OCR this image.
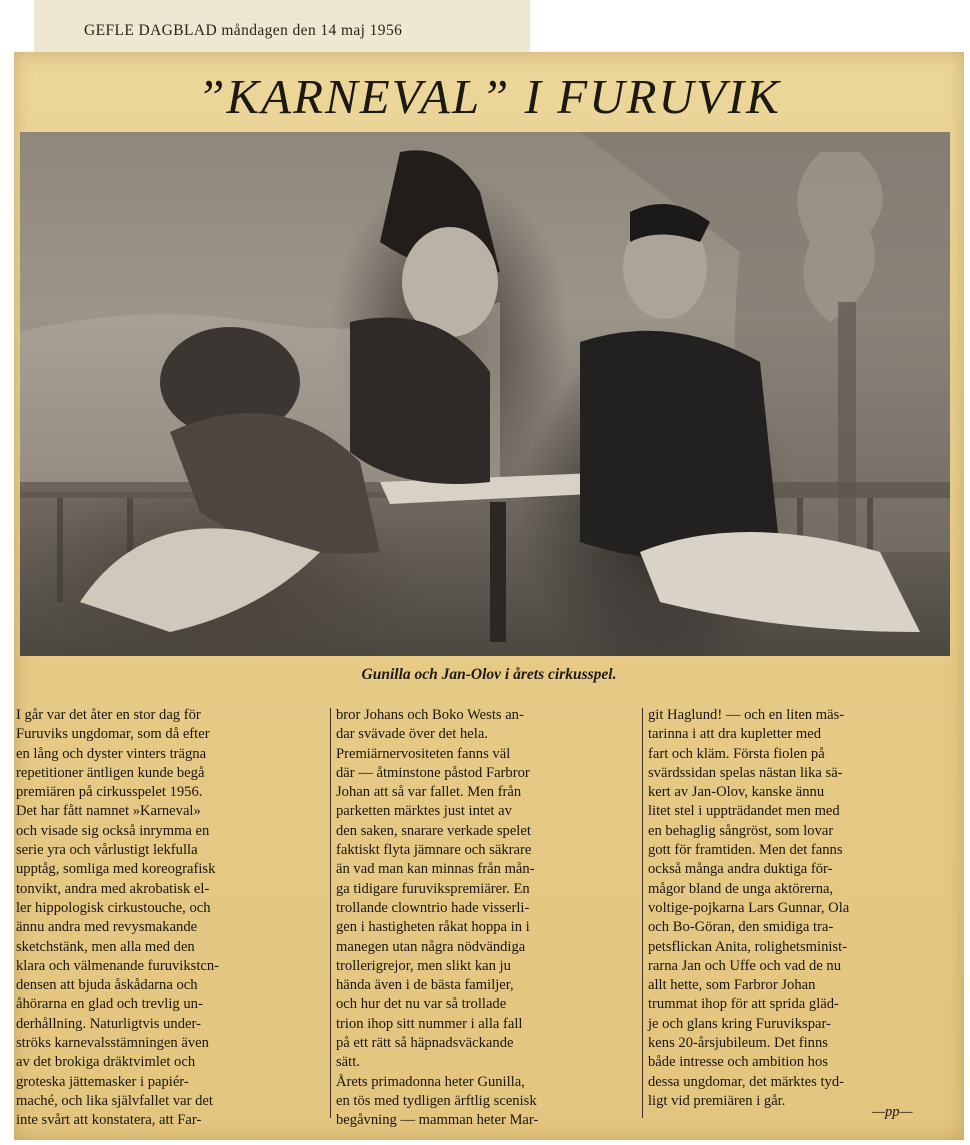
GEFLE DAGBLAD måndagen den 14 maj 1956
”KARNEVAL” I FURUVIK
Gunilla och Jan-Olov i årets cirkusspel.

I går var det åter en stor dag för

Furuviks ungdomar, som då efter

en lång och dyster vinters trägna

repetitioner äntligen kunde begå

premiären på cirkusspelet 1956.

Det har fått namnet »Karneval»

och visade sig också inrymma en

serie yra och vårlustigt lekfulla

upptåg, somliga med koreografisk

tonvikt, andra med akrobatisk el-

ler hippologisk cirkustouche, och

ännu andra med revysmakande

sketchstänk, men alla med den

klara och välmenande furuvikstcn-

densen att bjuda åskådarna och

åhörarna en glad och trevlig un-

derhållning. Naturligtvis under-

ströks karnevalsstämningen även

av det brokiga dräktvimlet och

groteska jättemasker i papiér-

maché, och lika självfallet var det

inte svårt att konstatera, att Far-

bror Johans och Boko Wests an-

dar svävade över det hela.

Premiärnervositeten fanns väl

där — åtminstone påstod Farbror

Johan att så var fallet. Men från

parketten märktes just intet av

den saken, snarare verkade spelet

faktiskt flyta jämnare och säkrare

än vad man kan minnas från mån-

ga tidigare furuvikspremiärer. En

trollande clowntrio hade visserli-

gen i hastigheten råkat hoppa in i

manegen utan några nödvändiga

trollerigrejor, men slikt kan ju

hända även i de bästa familjer,

och hur det nu var så trollade

trion ihop sitt nummer i alla fall

på ett rätt så häpnadsväckande

sätt.

Årets primadonna heter Gunilla,

en tös med tydligen ärftlig scenisk

begåvning — mamman heter Mar-

git Haglund! — och en liten mäs-

tarinna i att dra kupletter med

fart och kläm. Första fiolen på

svärdssidan spelas nästan lika sä-

kert av Jan-Olov, kanske ännu

litet stel i uppträdandet men med

en behaglig sångröst, som lovar

gott för framtiden. Men det fanns

också många andra duktiga för-

mågor bland de unga aktörerna,

voltige-pojkarna Lars Gunnar, Ola

och Bo-Göran, den smidiga tra-

petsflickan Anita, rolighetsminist-

rarna Jan och Uffe och vad de nu

allt hette, som Farbror Johan

trummat ihop för att sprida gläd-

je och glans kring Furuvikspar-

kens 20-årsjubileum. Det finns

både intresse och ambition hos

dessa ungdomar, det märktes tyd-

ligt vid premiären i går.

—pp—
